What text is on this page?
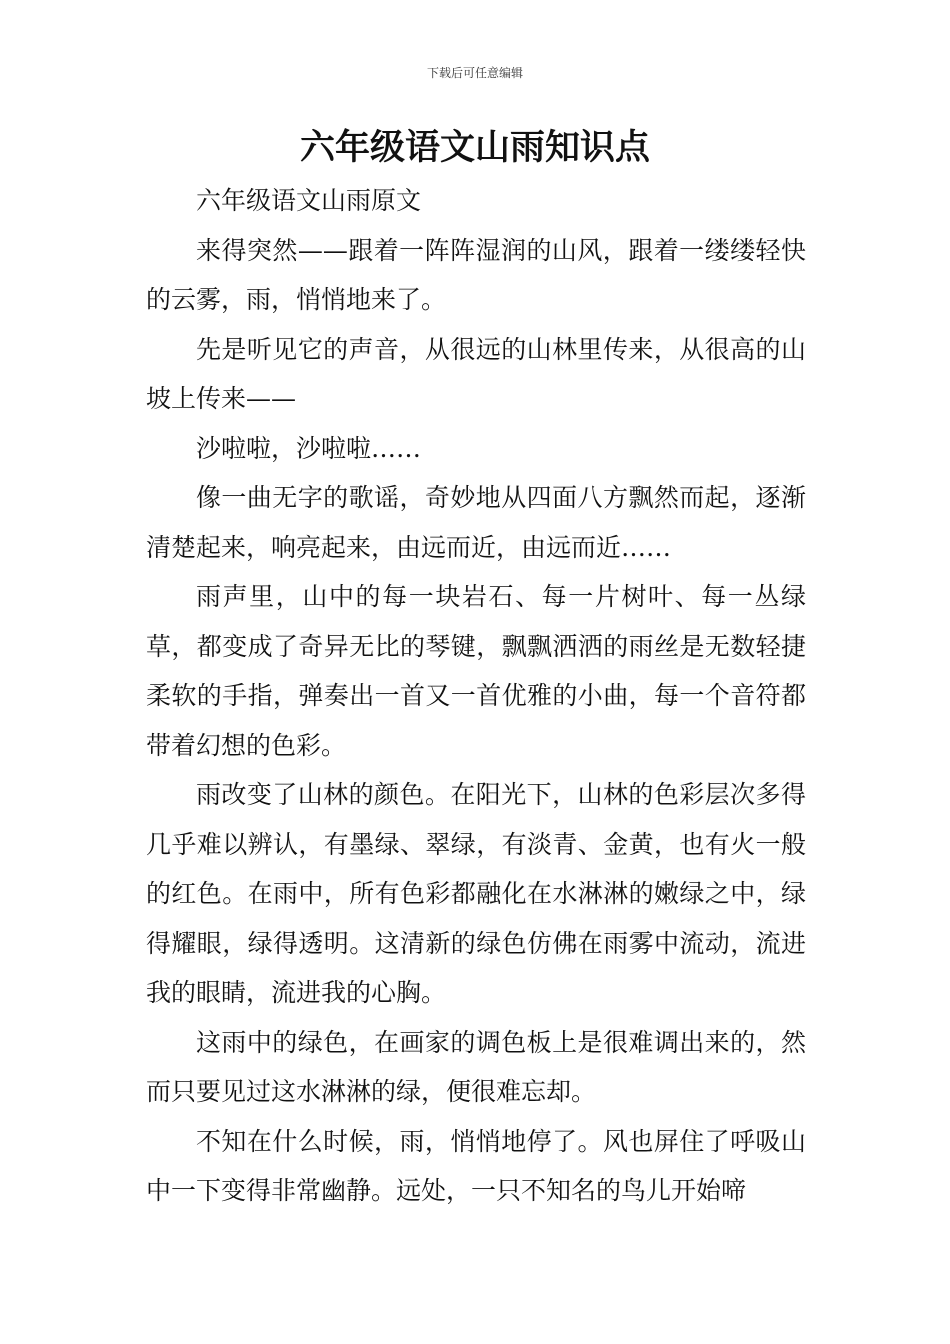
下载后可任意编辑
六年级语文山雨知识点

六年级语文山雨原文

来得突然——跟着一阵阵湿润的山风，跟着一缕缕轻快的云雾，雨，悄悄地来了。

先是听见它的声音，从很远的山林里传来，从很高的山坡上传来——

沙啦啦，沙啦啦……

像一曲无字的歌谣，奇妙地从四面八方飘然而起，逐渐清楚起来，响亮起来，由远而近，由远而近……

雨声里，山中的每一块岩石、每一片树叶、每一丛绿草，都变成了奇异无比的琴键，飘飘洒洒的雨丝是无数轻捷柔软的手指，弹奏出一首又一首优雅的小曲，每一个音符都带着幻想的色彩。

雨改变了山林的颜色。在阳光下，山林的色彩层次多得几乎难以辨认，有墨绿、翠绿，有淡青、金黄，也有火一般的红色。在雨中，所有色彩都融化在水淋淋的嫩绿之中，绿得耀眼，绿得透明。这清新的绿色仿佛在雨雾中流动，流进我的眼睛，流进我的心胸。

这雨中的绿色，在画家的调色板上是很难调出来的，然而只要见过这水淋淋的绿，便很难忘却。

不知在什么时候，雨，悄悄地停了。风也屏住了呼吸山中一下变得非常幽静。远处，一只不知名的鸟儿开始啼
